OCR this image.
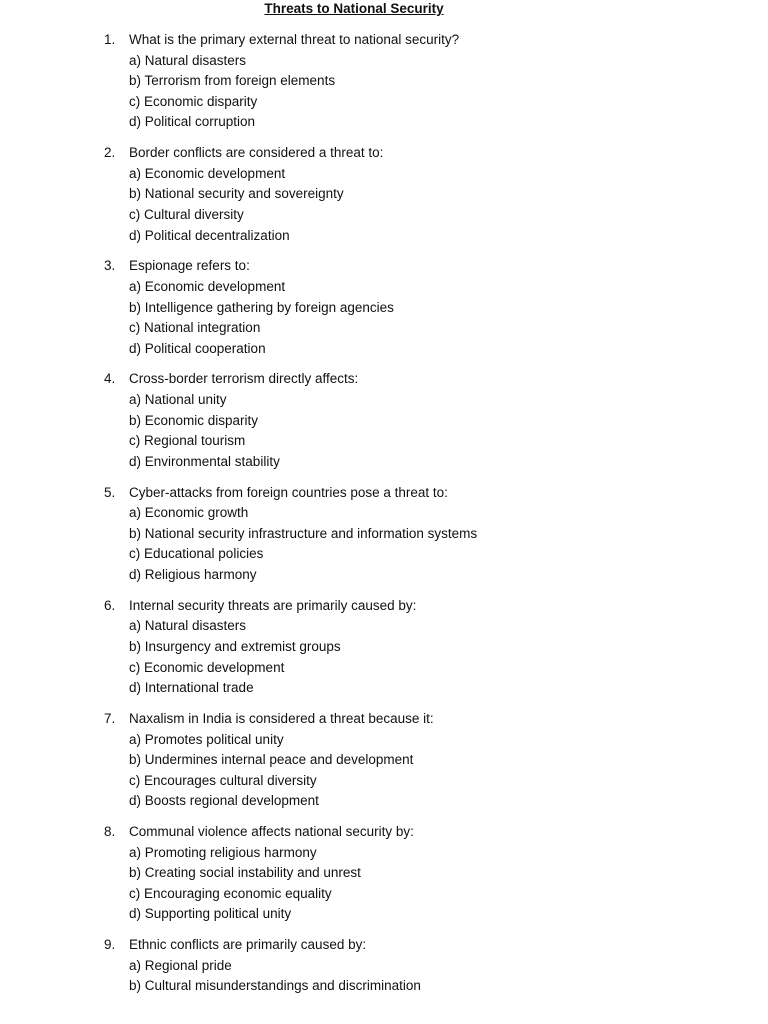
Threats to National Security
1. What is the primary external threat to national security?
a) Natural disasters
b) Terrorism from foreign elements
c) Economic disparity
d) Political corruption
2. Border conflicts are considered a threat to:
a) Economic development
b) National security and sovereignty
c) Cultural diversity
d) Political decentralization
3. Espionage refers to:
a) Economic development
b) Intelligence gathering by foreign agencies
c) National integration
d) Political cooperation
4. Cross-border terrorism directly affects:
a) National unity
b) Economic disparity
c) Regional tourism
d) Environmental stability
5. Cyber-attacks from foreign countries pose a threat to:
a) Economic growth
b) National security infrastructure and information systems
c) Educational policies
d) Religious harmony
6. Internal security threats are primarily caused by:
a) Natural disasters
b) Insurgency and extremist groups
c) Economic development
d) International trade
7. Naxalism in India is considered a threat because it:
a) Promotes political unity
b) Undermines internal peace and development
c) Encourages cultural diversity
d) Boosts regional development
8. Communal violence affects national security by:
a) Promoting religious harmony
b) Creating social instability and unrest
c) Encouraging economic equality
d) Supporting political unity
9. Ethnic conflicts are primarily caused by:
a) Regional pride
b) Cultural misunderstandings and discrimination
